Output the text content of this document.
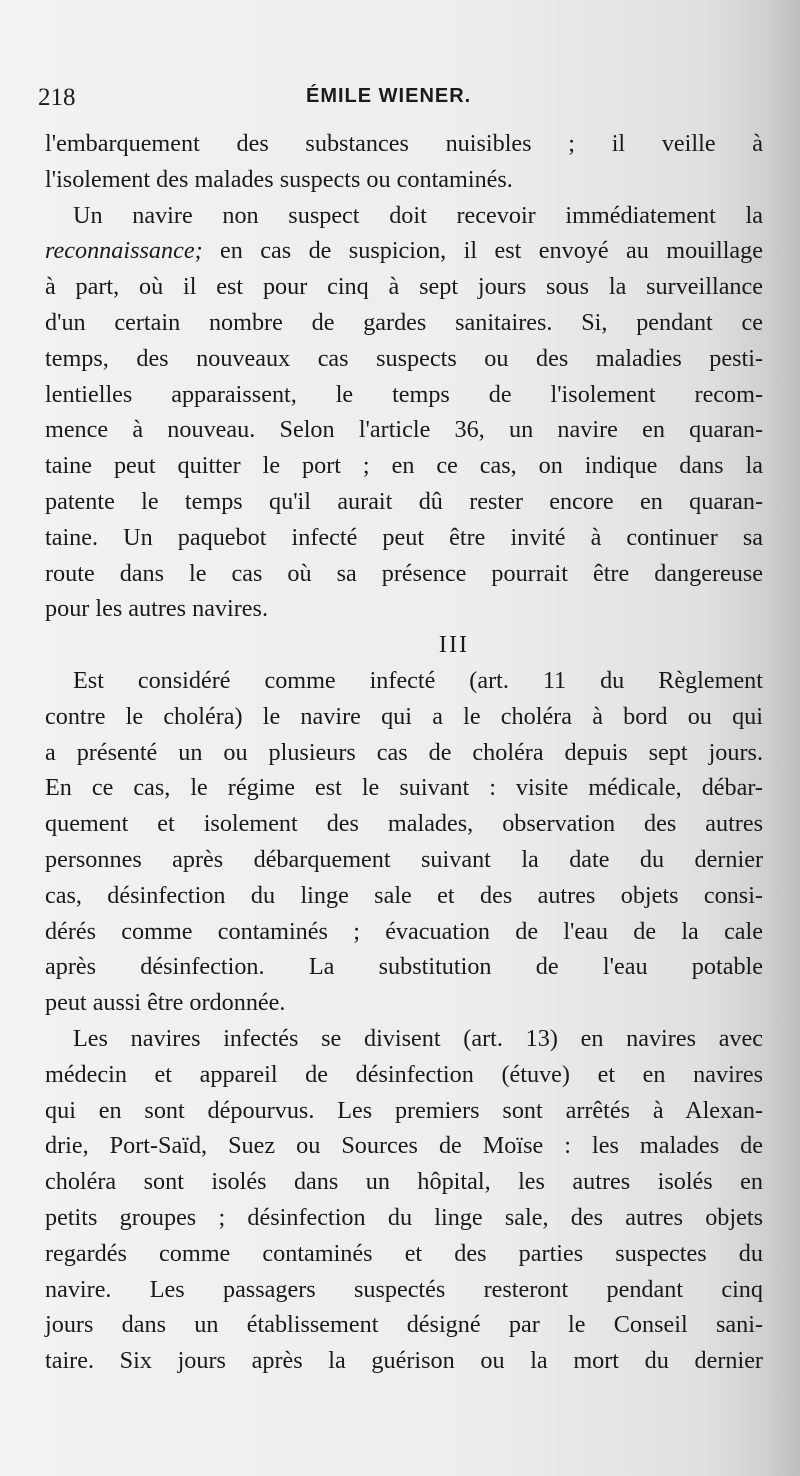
218	ÉMILE WIENER.
l'embarquement des substances nuisibles ; il veille à
l'isolement des malades suspects ou contaminés.
Un navire non suspect doit recevoir immédiatement la
reconnaissance; en cas de suspicion, il est envoyé au mouillage
à part, où il est pour cinq à sept jours sous la surveillance
d'un certain nombre de gardes sanitaires. Si, pendant ce
temps, des nouveaux cas suspects ou des maladies pesti-
lentielles apparaissent, le temps de l'isolement recom-
mence à nouveau. Selon l'article 36, un navire en quaran-
taine peut quitter le port ; en ce cas, on indique dans la
patente le temps qu'il aurait dû rester encore en quaran-
taine. Un paquebot infecté peut être invité à continuer sa
route dans le cas où sa présence pourrait être dangereuse
pour les autres navires.
III
Est considéré comme infecté (art. 11 du Règlement
contre le choléra) le navire qui a le choléra à bord ou qui
a présenté un ou plusieurs cas de choléra depuis sept jours.
En ce cas, le régime est le suivant : visite médicale, débar-
quement et isolement des malades, observation des autres
personnes après débarquement suivant la date du dernier
cas, désinfection du linge sale et des autres objets consi-
dérés comme contaminés ; évacuation de l'eau de la cale
après désinfection. La substitution de l'eau potable
peut aussi être ordonnée.
Les navires infectés se divisent (art. 13) en navires avec
médecin et appareil de désinfection (étuve) et en navires
qui en sont dépourvus. Les premiers sont arrêtés à Alexan-
drie, Port-Saïd, Suez ou Sources de Moïse : les malades de
choléra sont isolés dans un hôpital, les autres isolés en
petits groupes ; désinfection du linge sale, des autres objets
regardés comme contaminés et des parties suspectes du
navire. Les passagers suspectés resteront pendant cinq
jours dans un établissement désigné par le Conseil sani-
taire. Six jours après la guérison ou la mort du dernier
